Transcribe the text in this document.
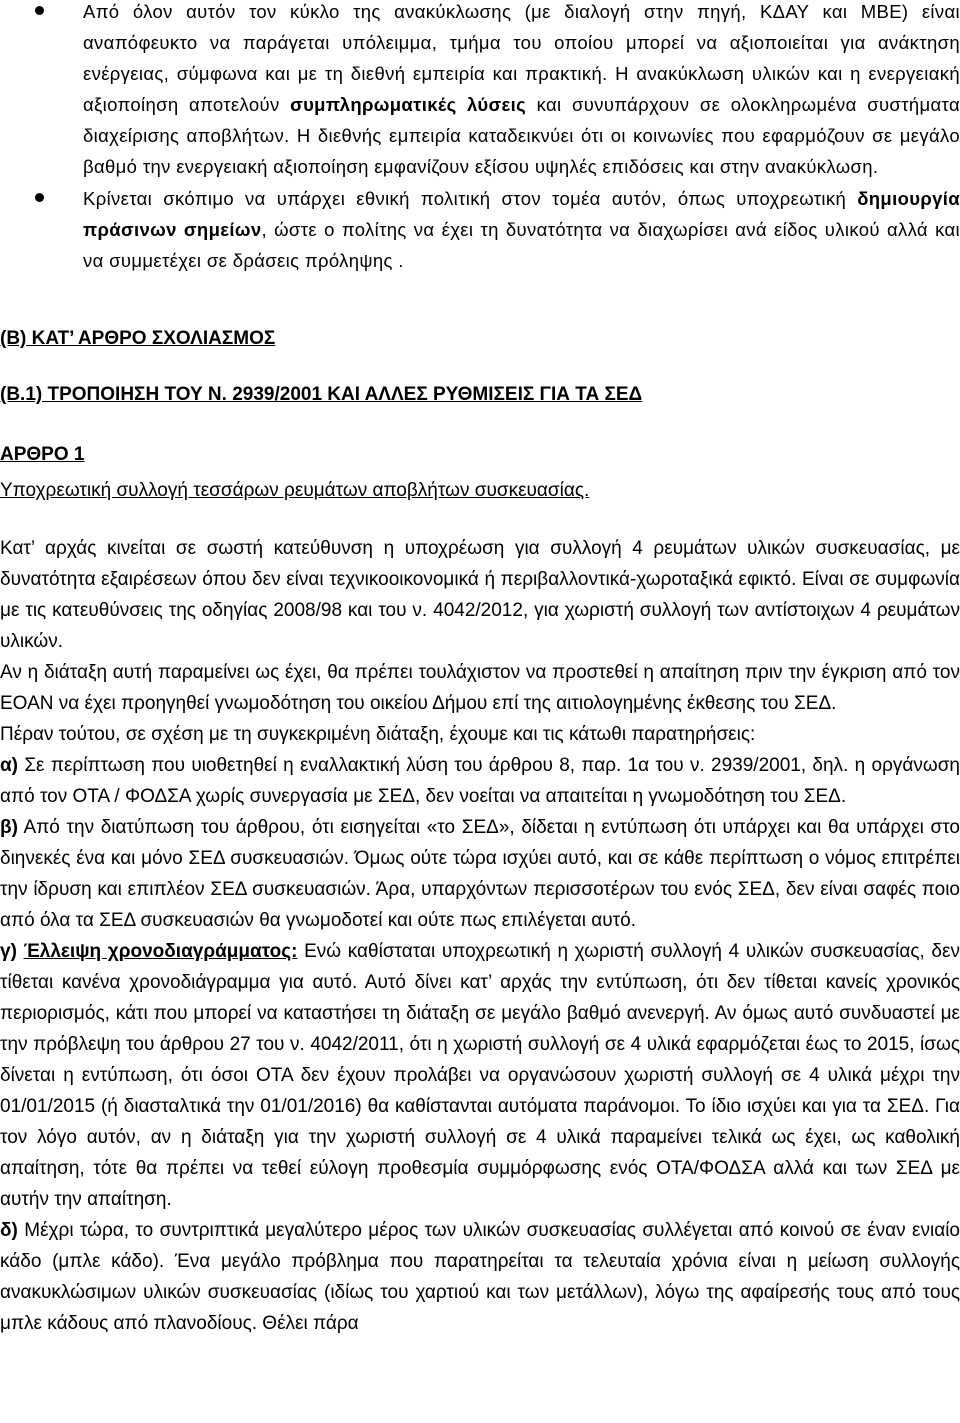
Από όλον αυτόν τον κύκλο της ανακύκλωσης (με διαλογή στην πηγή, ΚΔΑΥ και ΜΒΕ) είναι αναπόφευκτο να παράγεται υπόλειμμα, τμήμα του οποίου μπορεί να αξιοποιείται για ανάκτηση ενέργειας, σύμφωνα και με τη διεθνή εμπειρία και πρακτική. Η ανακύκλωση υλικών και η ενεργειακή αξιοποίηση αποτελούν συμπληρωματικές λύσεις και συνυπάρχουν σε ολοκληρωμένα συστήματα διαχείρισης αποβλήτων. Η διεθνής εμπειρία καταδεικνύει ότι οι κοινωνίες που εφαρμόζουν σε μεγάλο βαθμό την ενεργειακή αξιοποίηση εμφανίζουν εξίσου υψηλές επιδόσεις και στην ανακύκλωση.
Κρίνεται σκόπιμο να υπάρχει εθνική πολιτική στον τομέα αυτόν, όπως υποχρεωτική δημιουργία πράσινων σημείων, ώστε ο πολίτης να έχει τη δυνατότητα να διαχωρίσει ανά είδος υλικού αλλά και να συμμετέχει σε δράσεις πρόληψης .
(Β) ΚΑΤ’ ΑΡΘΡΟ ΣΧΟΛΙΑΣΜΟΣ
(Β.1) ΤΡΟΠΟΙΗΣΗ ΤΟΥ Ν. 2939/2001 ΚΑΙ ΑΛΛΕΣ ΡΥΘΜΙΣΕΙΣ ΓΙΑ ΤΑ ΣΕΔ
ΑΡΘΡΟ 1
Υποχρεωτική συλλογή τεσσάρων ρευμάτων αποβλήτων συσκευασίας.

Κατ’ αρχάς κινείται σε σωστή κατεύθυνση η υποχρέωση για συλλογή 4 ρευμάτων υλικών συσκευασίας, με δυνατότητα εξαιρέσεων όπου δεν είναι τεχνικοοικονομικά ή περιβαλλοντικά-χωροταξικά εφικτό. Είναι σε συμφωνία με τις κατευθύνσεις της οδηγίας 2008/98 και του ν. 4042/2012, για χωριστή συλλογή των αντίστοιχων 4 ρευμάτων υλικών.

Αν η διάταξη αυτή παραμείνει ως έχει, θα πρέπει τουλάχιστον να προστεθεί η απαίτηση πριν την έγκριση από τον ΕΟΑΝ να έχει προηγηθεί γνωμοδότηση του οικείου Δήμου επί της αιτιολογημένης έκθεσης του ΣΕΔ.

Πέραν τούτου, σε σχέση με τη συγκεκριμένη διάταξη, έχουμε και τις κάτωθι παρατηρήσεις:

α) Σε περίπτωση που υιοθετηθεί η εναλλακτική λύση του άρθρου 8, παρ. 1α του ν. 2939/2001, δηλ. η οργάνωση από τον ΟΤΑ / ΦΟΔΣΑ χωρίς συνεργασία με ΣΕΔ, δεν νοείται να απαιτείται η γνωμοδότηση του ΣΕΔ.

β) Από την διατύπωση του άρθρου, ότι εισηγείται «το ΣΕΔ», δίδεται η εντύπωση ότι υπάρχει και θα υπάρχει στο διηνεκές ένα και μόνο ΣΕΔ συσκευασιών. Όμως ούτε τώρα ισχύει αυτό, και σε κάθε περίπτωση ο νόμος επιτρέπει την ίδρυση και επιπλέον ΣΕΔ συσκευασιών. Άρα, υπαρχόντων περισσοτέρων του ενός ΣΕΔ, δεν είναι σαφές ποιο από όλα τα ΣΕΔ συσκευασιών θα γνωμοδοτεί και ούτε πως επιλέγεται αυτό.

γ) Έλλειψη χρονοδιαγράμματος: Ενώ καθίσταται υποχρεωτική η χωριστή συλλογή 4 υλικών συσκευασίας, δεν τίθεται κανένα χρονοδιάγραμμα για αυτό. Αυτό δίνει κατ’ αρχάς την εντύπωση, ότι δεν τίθεται κανείς χρονικός περιορισμός, κάτι που μπορεί να καταστήσει τη διάταξη σε μεγάλο βαθμό ανενεργή. Αν όμως αυτό συνδυαστεί με την πρόβλεψη του άρθρου 27 του ν. 4042/2011, ότι η χωριστή συλλογή σε 4 υλικά εφαρμόζεται έως το 2015, ίσως δίνεται η εντύπωση, ότι όσοι ΟΤΑ δεν έχουν προλάβει να οργανώσουν χωριστή συλλογή σε 4 υλικά μέχρι την 01/01/2015 (ή διασταλτικά την 01/01/2016) θα καθίστανται αυτόματα παράνομοι. Το ίδιο ισχύει και για τα ΣΕΔ. Για τον λόγο αυτόν, αν η διάταξη για την χωριστή συλλογή σε 4 υλικά παραμείνει τελικά ως έχει, ως καθολική απαίτηση, τότε θα πρέπει να τεθεί εύλογη προθεσμία συμμόρφωσης ενός ΟΤΑ/ΦΟΔΣΑ αλλά και των ΣΕΔ με αυτήν την απαίτηση.

δ) Μέχρι τώρα, το συντριπτικά μεγαλύτερο μέρος των υλικών συσκευασίας συλλέγεται από κοινού σε έναν ενιαίο κάδο (μπλε κάδο). Ένα μεγάλο πρόβλημα που παρατηρείται τα τελευταία χρόνια είναι η μείωση συλλογής ανακυκλώσιμων υλικών συσκευασίας (ιδίως του χαρτιού και των μετάλλων), λόγω της αφαίρεσής τους από τους μπλε κάδους από πλανοδίους. Θέλει πάρα
